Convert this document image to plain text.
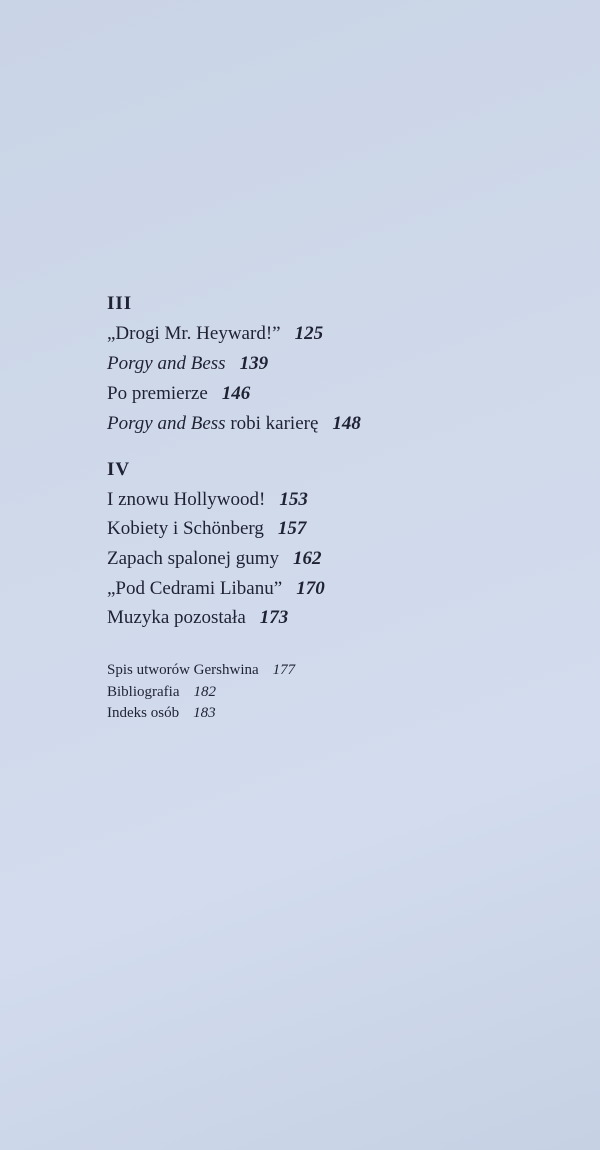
III
„Drogi Mr. Heyward!” 125
Porgy and Bess 139
Po premierze 146
Porgy and Bess robi karierę 148
IV
I znowu Hollywood! 153
Kobiety i Schönberg 157
Zapach spalonej gumy 162
„Pod Cedrami Libanu” 170
Muzyka pozostała 173
Spis utworów Gershwina 177
Bibliografia 182
Indeks osób 183
